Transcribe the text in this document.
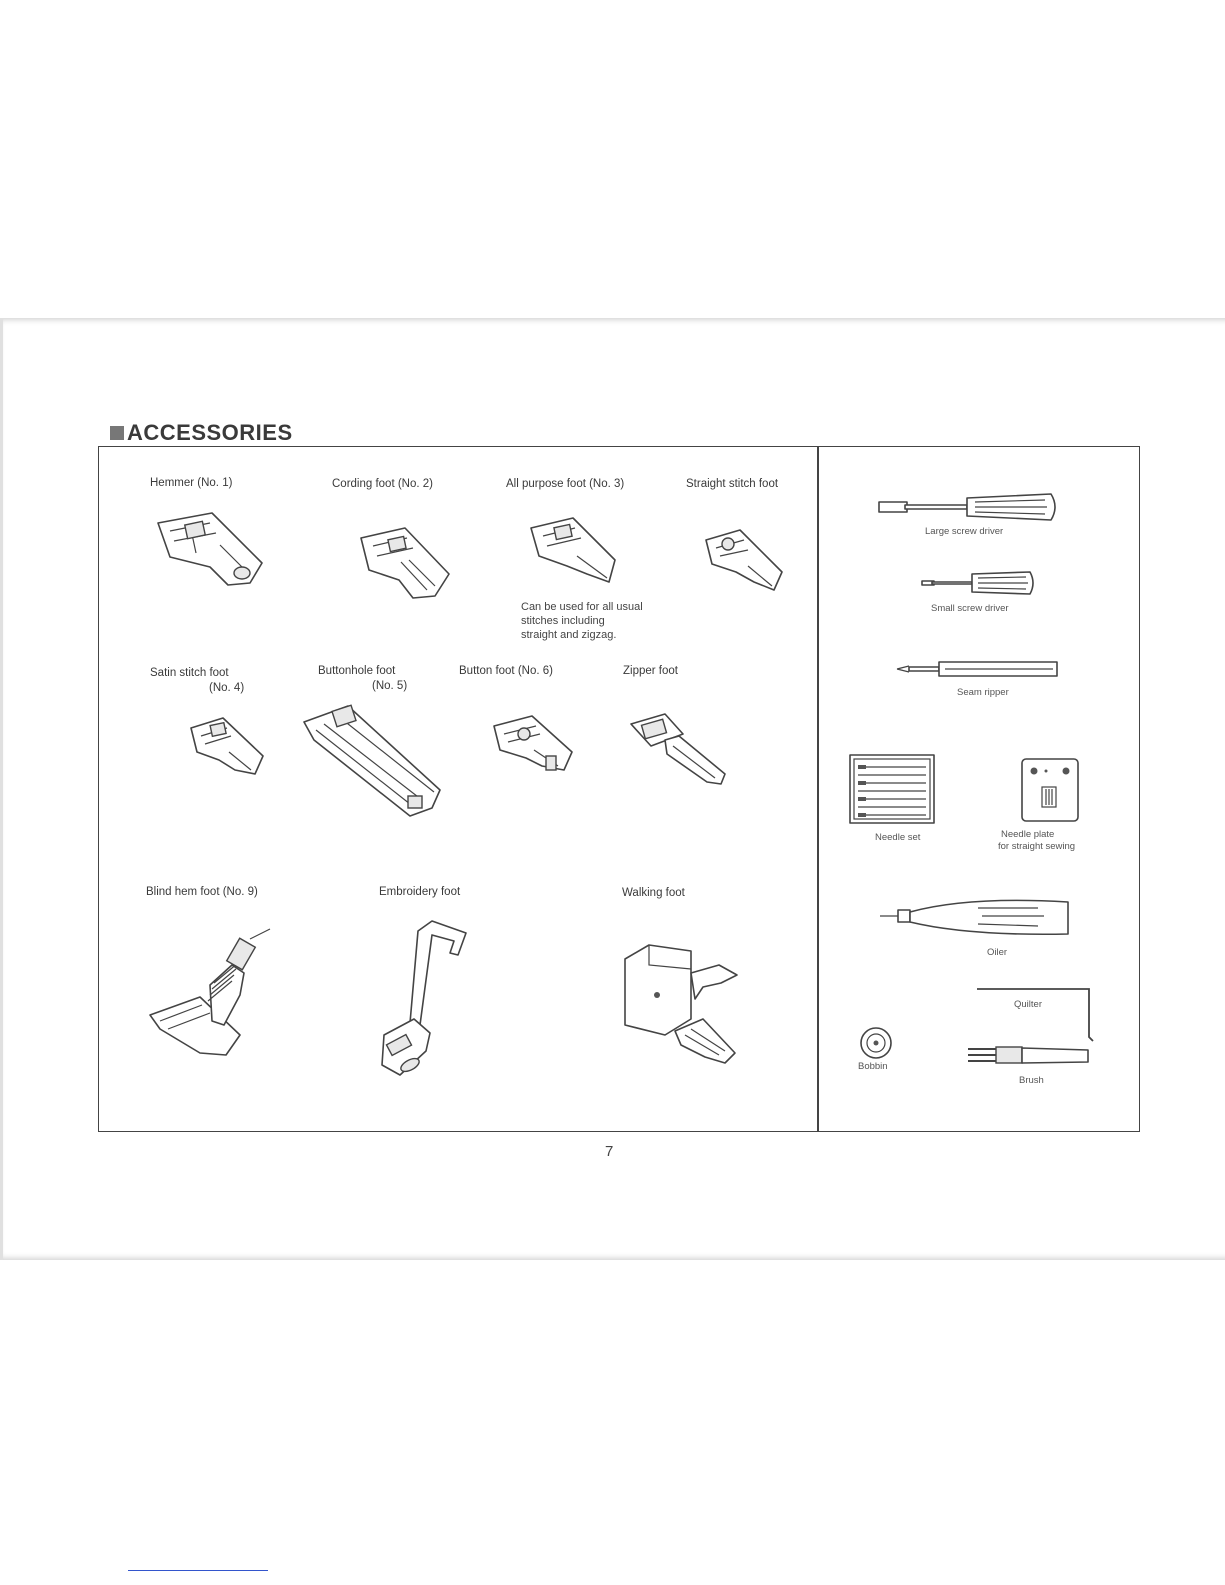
ACCESSORIES
Hemmer (No. 1)	Cording foot (No. 2)	All purpose foot (No. 3)	Straight stitch foot
Can be used for all usual
stitches including
straight and zigzag.
Satin stitch foot
(No. 4)
Buttonhole foot
(No. 5)
Button foot (No. 6)	Zipper foot
Blind hem foot (No. 9)	Embroidery foot	Walking foot
Large screw driver
Small screw driver
Seam ripper
Needle set	Needle plate
for straight sewing
Oiler
Quilter
Bobbin
Brush
7
